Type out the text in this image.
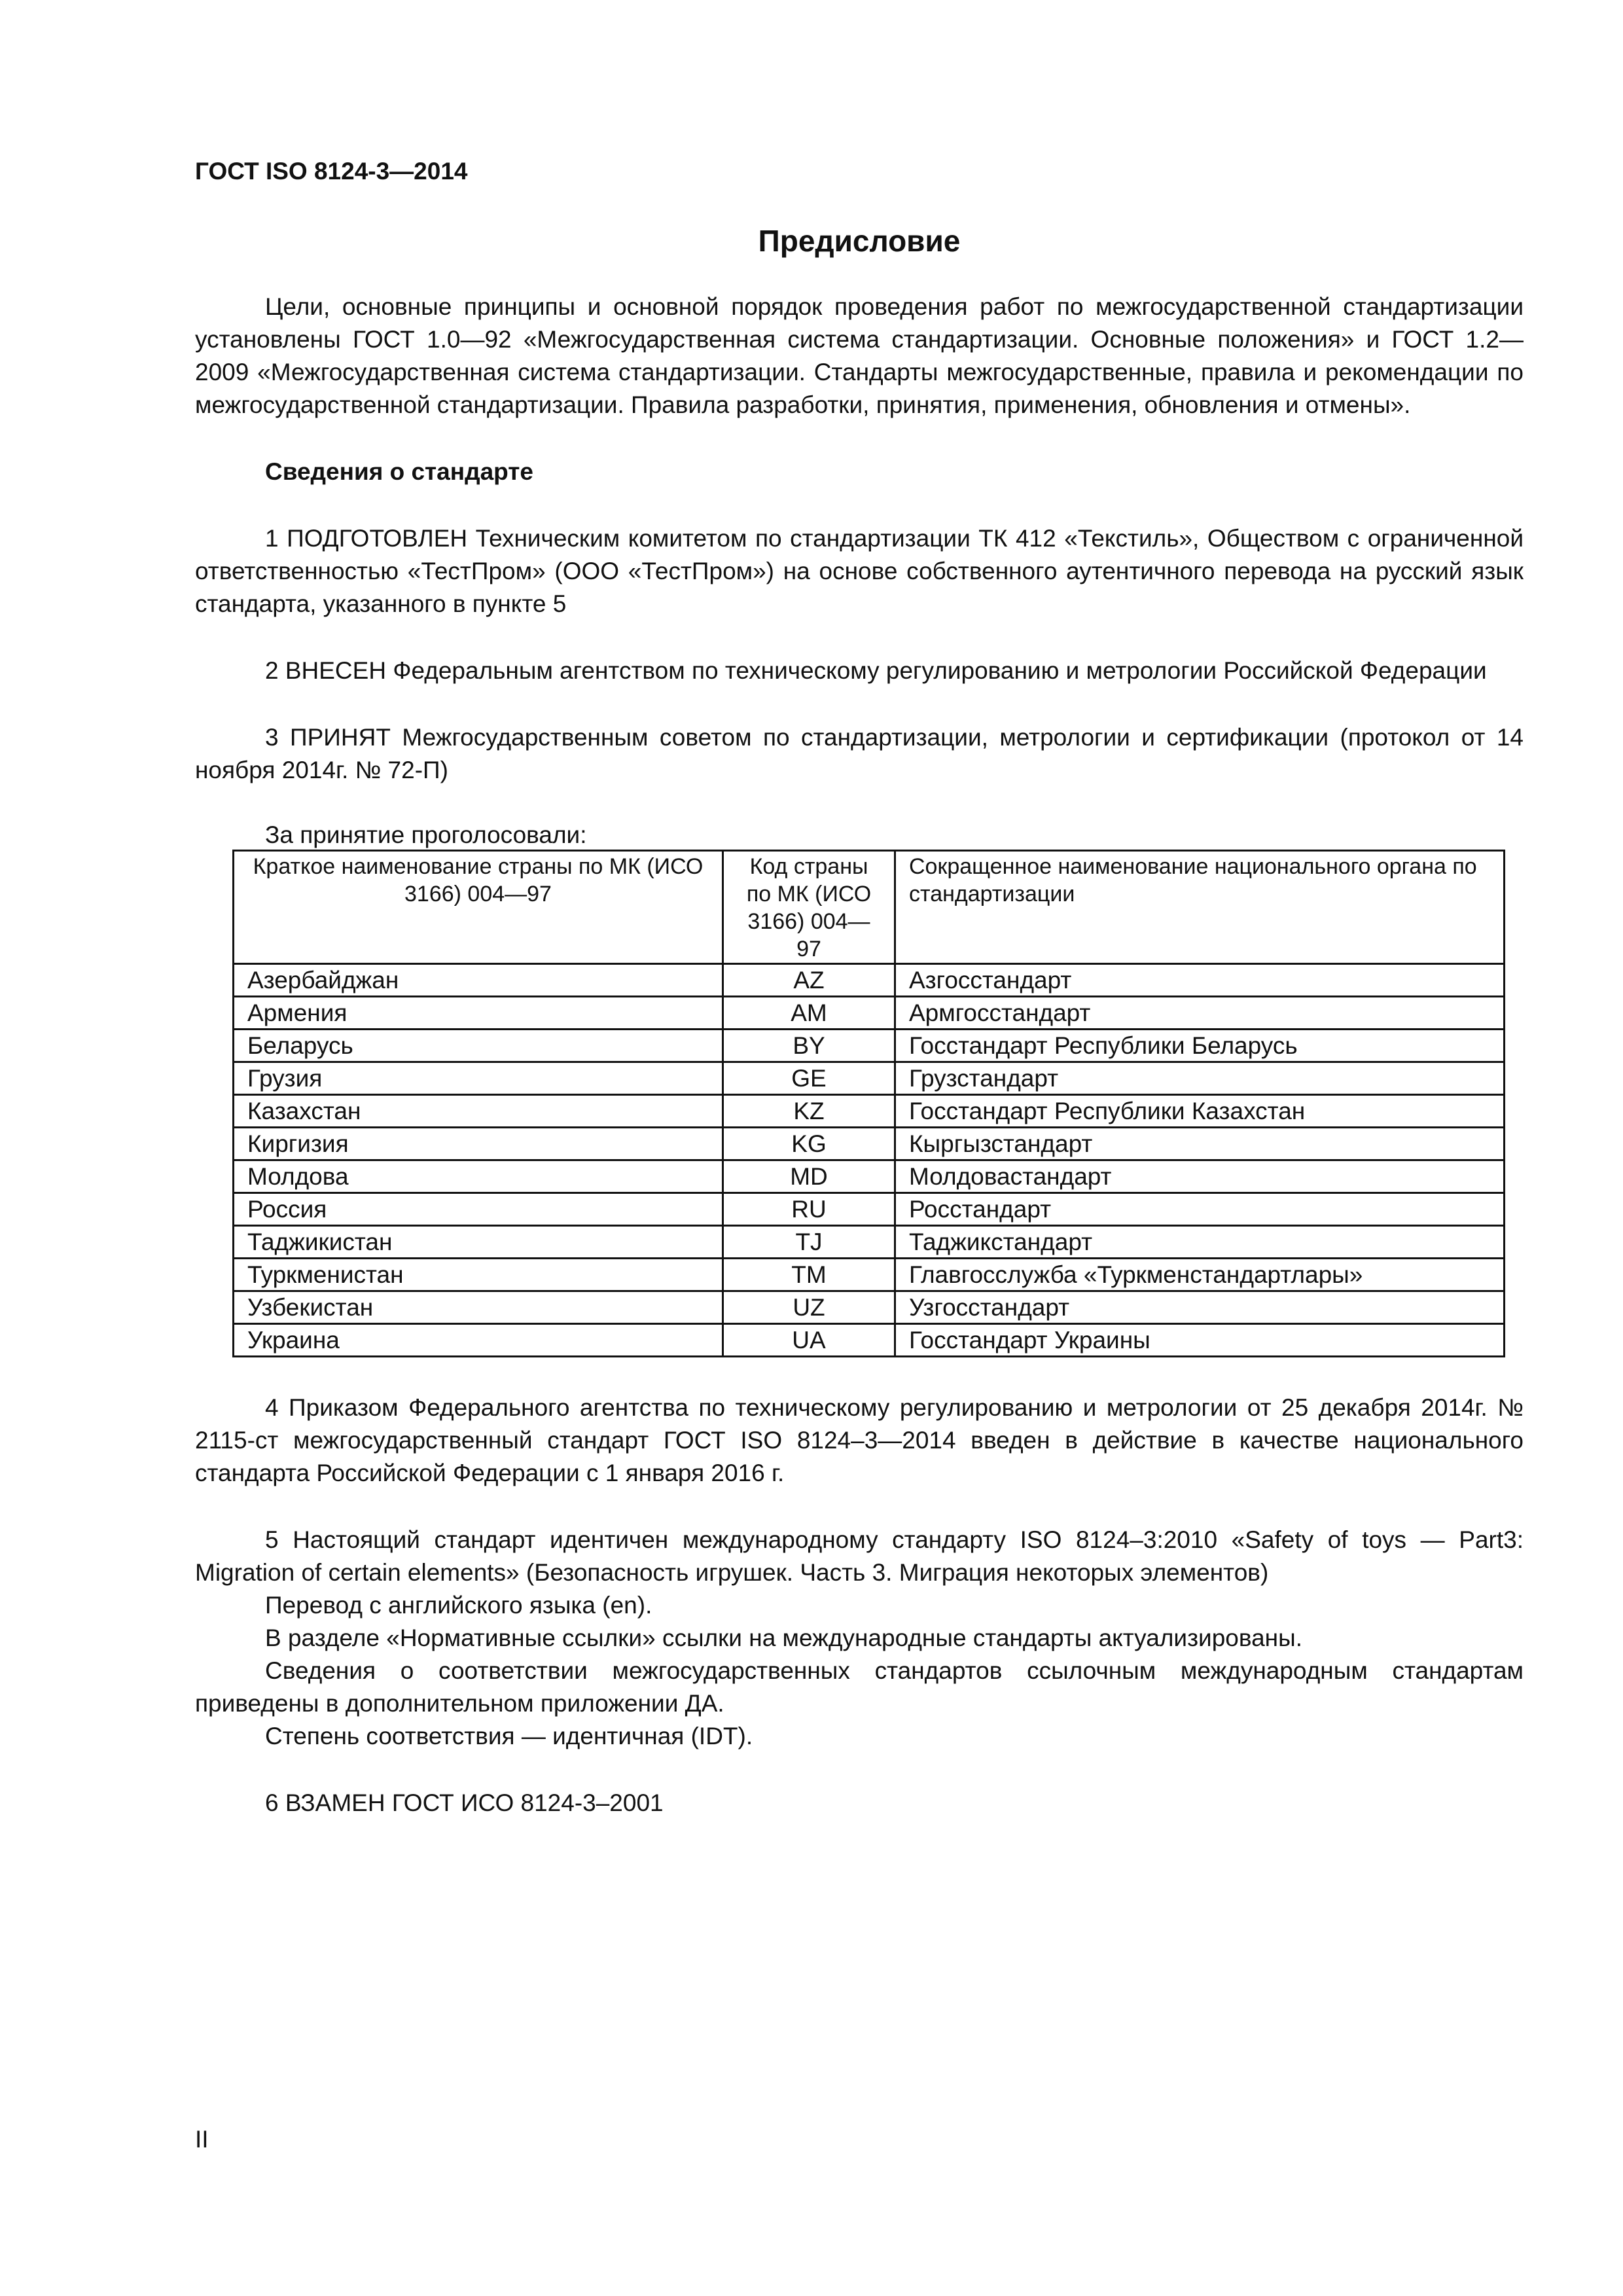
ГОСТ ISO 8124-3—2014
Предисловие

Цели, основные принципы и основной порядок проведения работ по межгосударственной стандартизации установлены ГОСТ 1.0—92 «Межгосударственная система стандартизации. Основные положения» и ГОСТ 1.2—2009 «Межгосударственная система стандартизации. Стандарты межгосударственные, правила и рекомендации по межгосударственной стандартизации. Правила разработки, принятия, применения, обновления и отмены».

Сведения о стандарте

1 ПОДГОТОВЛЕН Техническим комитетом по стандартизации ТК 412 «Текстиль», Обществом с ограниченной ответственностью «ТестПром» (ООО «ТестПром») на основе собственного аутентичного перевода на русский язык стандарта, указанного в пункте 5

2 ВНЕСЕН Федеральным агентством по техническому регулированию и метрологии Российской Федерации

3 ПРИНЯТ Межгосударственным советом по стандартизации, метрологии и сертификации (протокол от 14 ноября 2014г. № 72-П)

За принятие проголосовали:
Краткое наименование страны по МК (ИСО 3166) 004—97	Код страны по МК (ИСО 3166) 004—97	Сокращенное наименование национального органа по стандартизации
Азербайджан	AZ	Азгосстандарт
Армения	AM	Армгосстандарт
Беларусь	BY	Госстандарт Республики Беларусь
Грузия	GE	Грузстандарт
Казахстан	KZ	Госстандарт Республики Казахстан
Киргизия	KG	Кыргызстандарт
Молдова	MD	Молдовастандарт
Россия	RU	Росстандарт
Таджикистан	TJ	Таджикстандарт
Туркменистан	TM	Главгосслужба «Туркменстандартлары»
Узбекистан	UZ	Узгосстандарт
Украина	UA	Госстандарт Украины

4 Приказом Федерального агентства по техническому регулированию и метрологии от 25 декабря 2014г. № 2115-ст межгосударственный стандарт ГОСТ ISO 8124–3—2014 введен в действие в качестве национального стандарта Российской Федерации с 1 января 2016 г.

5 Настоящий стандарт идентичен международному стандарту ISO 8124–3:2010 «Safety of toys — Part3: Migration of certain elements» (Безопасность игрушек. Часть 3. Миграция некоторых элементов)

Перевод с английского языка (en).

В разделе «Нормативные ссылки» ссылки на международные стандарты актуализированы.

Сведения о соответствии межгосударственных стандартов ссылочным международным стандартам приведены в дополнительном приложении ДА.

Степень соответствия — идентичная (IDT).

6 ВЗАМЕН ГОСТ ИСО 8124-3–2001

II
